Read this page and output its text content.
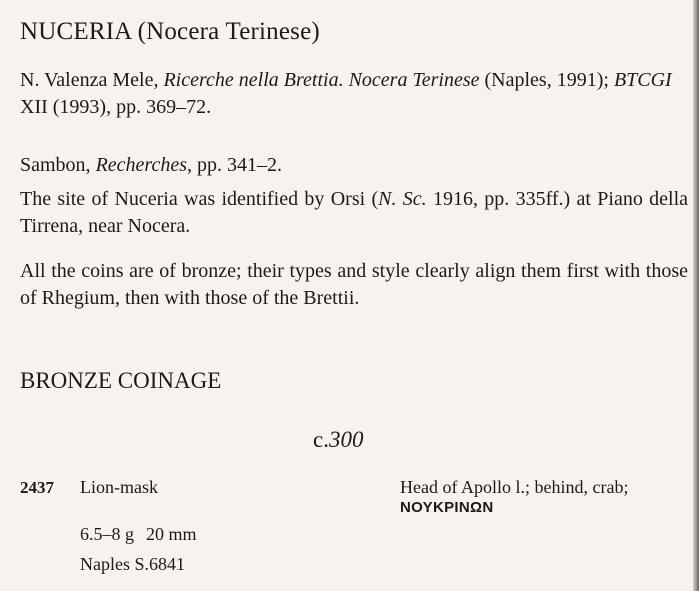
NUCERIA (Nocera Terinese)

N. Valenza Mele, Ricerche nella Brettia. Nocera Terinese (Naples, 1991); BTCGI XII (1993), pp. 369–72.

Sambon, Recherches, pp. 341–2.

The site of Nuceria was identified by Orsi (N. Sc. 1916, pp. 335ff.) at Piano della Tirrena, near Nocera.

All the coins are of bronze; their types and style clearly align them first with those of Rhegium, then with those of the Brettii.

BRONZE COINAGE
c.300
2437 Lion-mask	Head of Apollo l.; behind, crab;
ΝΟΥΚΡΙΝΩΝ
6.5–8 g 20 mm
Naples S.6841
